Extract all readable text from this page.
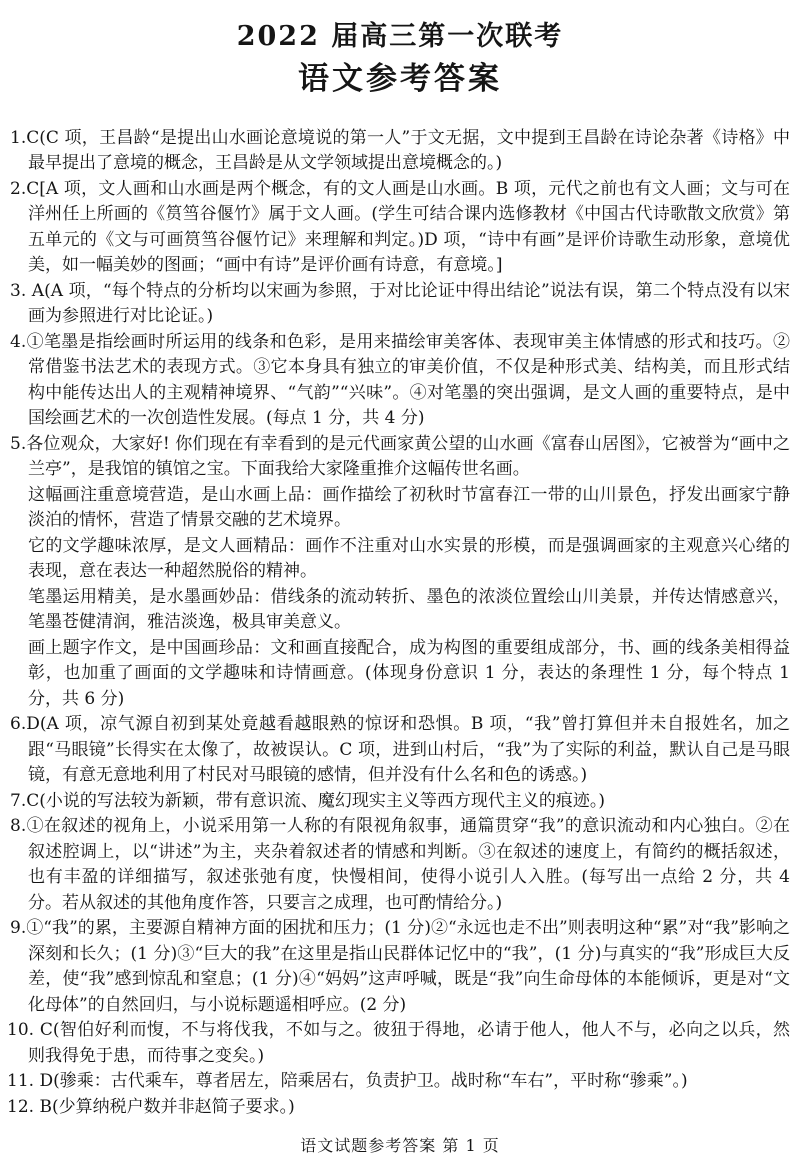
2022 届高三第一次联考
语文参考答案
1.C(C 项，王昌龄“是提出山水画论意境说的第一人”于文无据，文中提到王昌龄在诗论杂著《诗格》中最早提出了意境的概念，王昌龄是从文学领域提出意境概念的。)
2.C[A 项，文人画和山水画是两个概念，有的文人画是山水画。B 项，元代之前也有文人画；文与可在洋州任上所画的《筼筜谷偃竹》属于文人画。(学生可结合课内选修教材《中国古代诗歌散文欣赏》第五单元的《文与可画筼筜谷偃竹记》来理解和判定。)D 项，“诗中有画”是评价诗歌生动形象，意境优美，如一幅美妙的图画；“画中有诗”是评价画有诗意，有意境。]
3. A(A 项，“每个特点的分析均以宋画为参照，于对比论证中得出结论”说法有误，第二个特点没有以宋画为参照进行对比论证。)
4.①笔墨是指绘画时所运用的线条和色彩，是用来描绘审美客体、表现审美主体情感的形式和技巧。②常借鉴书法艺术的表现方式。③它本身具有独立的审美价值，不仅是种形式美、结构美，而且形式结构中能传达出人的主观精神境界、“气韵”“兴味”。④对笔墨的突出强调，是文人画的重要特点，是中国绘画艺术的一次创造性发展。(每点 1 分，共 4 分)
5.各位观众，大家好! 你们现在有幸看到的是元代画家黄公望的山水画《富春山居图》，它被誉为“画中之兰亭”，是我馆的镇馆之宝。下面我给大家隆重推介这幅传世名画。
这幅画注重意境营造，是山水画上品：画作描绘了初秋时节富春江一带的山川景色，抒发出画家宁静淡泊的情怀，营造了情景交融的艺术境界。
它的文学趣味浓厚，是文人画精品：画作不注重对山水实景的形模，而是强调画家的主观意兴心绪的表现，意在表达一种超然脱俗的精神。
笔墨运用精美，是水墨画妙品：借线条的流动转折、墨色的浓淡位置绘山川美景，并传达情感意兴，笔墨苍健清润，雅洁淡逸，极具审美意义。
画上题字作文，是中国画珍品：文和画直接配合，成为构图的重要组成部分，书、画的线条美相得益彰，也加重了画面的文学趣味和诗情画意。(体现身份意识 1 分，表达的条理性 1 分，每个特点 1 分，共 6 分)
6.D(A 项，凉气源自初到某处竟越看越眼熟的惊讶和恐惧。B 项，“我”曾打算但并未自报姓名，加之跟“马眼镜”长得实在太像了，故被误认。C 项，进到山村后，“我”为了实际的利益，默认自己是马眼镜，有意无意地利用了村民对马眼镜的感情，但并没有什么名和色的诱惑。)
7.C(小说的写法较为新颖，带有意识流、魔幻现实主义等西方现代主义的痕迹。)
8.①在叙述的视角上，小说采用第一人称的有限视角叙事，通篇贯穿“我”的意识流动和内心独白。②在叙述腔调上，以“讲述”为主，夹杂着叙述者的情感和判断。③在叙述的速度上，有简约的概括叙述，也有丰盈的详细描写，叙述张弛有度，快慢相间，使得小说引人入胜。(每写出一点给 2 分，共 4 分。若从叙述的其他角度作答，只要言之成理，也可酌情给分。)
9.①“我”的累，主要源自精神方面的困扰和压力；(1 分)②“永远也走不出”则表明这种“累”对“我”影响之深刻和长久；(1 分)③“巨大的我”在这里是指山民群体记忆中的“我”，(1 分)与真实的“我”形成巨大反差，使“我”感到惊乱和窒息；(1 分)④“妈妈”这声呼喊，既是“我”向生命母体的本能倾诉，更是对“文化母体”的自然回归，与小说标题遥相呼应。(2 分)
10. C(智伯好利而愎，不与将伐我，不如与之。彼狃于得地，必请于他人，他人不与，必向之以兵，然则我得免于患，而待事之变矣。)
11. D(骖乘：古代乘车，尊者居左，陪乘居右，负责护卫。战时称“车右”，平时称“骖乘”。)
12. B(少算纳税户数并非赵简子要求。)
语文试题参考答案 第 1 页
